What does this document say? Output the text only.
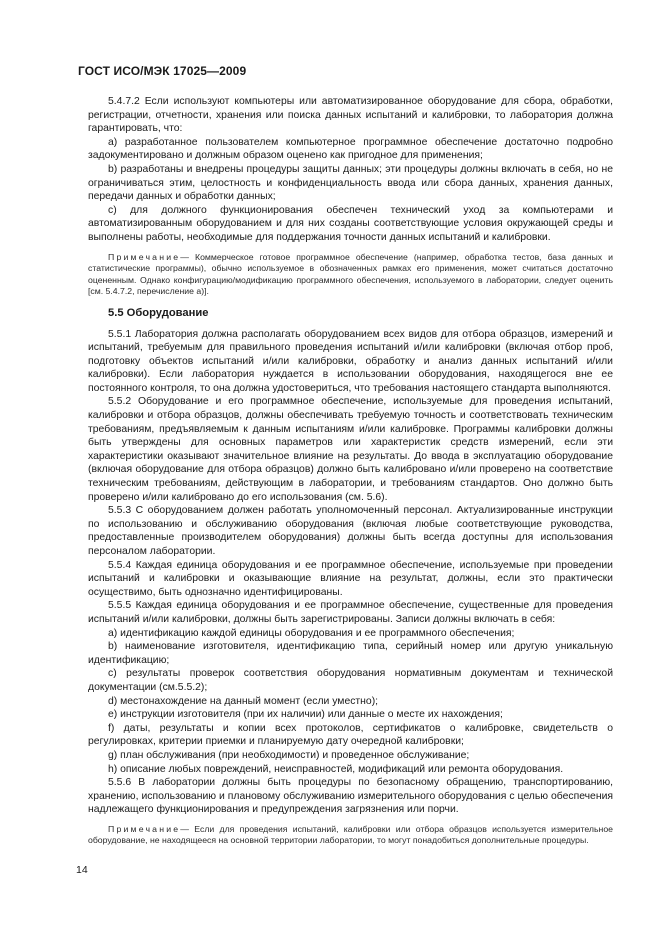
ГОСТ ИСО/МЭК 17025—2009

5.4.7.2 Если используют компьютеры или автоматизированное оборудование для сбора, обработки, регистрации, отчетности, хранения или поиска данных испытаний и калибровки, то лаборатория должна гарантировать, что:

a) разработанное пользователем компьютерное программное обеспечение достаточно подробно задокументировано и должным образом оценено как пригодное для применения;

b) разработаны и внедрены процедуры защиты данных; эти процедуры должны включать в себя, но не ограничиваться этим, целостность и конфиденциальность ввода или сбора данных, хранения данных, передачи данных и обработки данных;

c) для должного функционирования обеспечен технический уход за компьютерами и автоматизированным оборудованием и для них созданы соответствующие условия окружающей среды и выполнены работы, необходимые для поддержания точности данных испытаний и калибровки.

Примечание— Коммерческое готовое программное обеспечение (например, обработка тестов, база данных и статистические программы), обычно используемое в обозначенных рамках его применения, может считаться достаточно оцененным. Однако конфигурацию/модификацию программного обеспечения, используемого в лаборатории, следует оценить [см. 5.4.7.2, перечисление а)].

5.5 Оборудование

5.5.1 Лаборатория должна располагать оборудованием всех видов для отбора образцов, измерений и испытаний, требуемым для правильного проведения испытаний и/или калибровки (включая отбор проб, подготовку объектов испытаний и/или калибровки, обработку и анализ данных испытаний и/или калибровки). Если лаборатория нуждается в использовании оборудования, находящегося вне ее постоянного контроля, то она должна удостовериться, что требования настоящего стандарта выполняются.

5.5.2 Оборудование и его программное обеспечение, используемые для проведения испытаний, калибровки и отбора образцов, должны обеспечивать требуемую точность и соответствовать техническим требованиям, предъявляемым к данным испытаниям и/или калибровке. Программы калибровки должны быть утверждены для основных параметров или характеристик средств измерений, если эти характеристики оказывают значительное влияние на результаты. До ввода в эксплуатацию оборудование (включая оборудование для отбора образцов) должно быть калибровано и/или проверено на соответствие техническим требованиям, действующим в лаборатории, и требованиям стандартов. Оно должно быть проверено и/или калибровано до его использования (см. 5.6).

5.5.3 С оборудованием должен работать уполномоченный персонал. Актуализированные инструкции по использованию и обслуживанию оборудования (включая любые соответствующие руководства, предоставленные производителем оборудования) должны быть всегда доступны для использования персоналом лаборатории.

5.5.4 Каждая единица оборудования и ее программное обеспечение, используемые при проведении испытаний и калибровки и оказывающие влияние на результат, должны, если это практически осуществимо, быть однозначно идентифицированы.

5.5.5 Каждая единица оборудования и ее программное обеспечение, существенные для проведения испытаний и/или калибровки, должны быть зарегистрированы. Записи должны включать в себя:

a) идентификацию каждой единицы оборудования и ее программного обеспечения;

b) наименование изготовителя, идентификацию типа, серийный номер или другую уникальную идентификацию;

c) результаты проверок соответствия оборудования нормативным документам и технической документации (см.5.5.2);

d) местонахождение на данный момент (если уместно);

e) инструкции изготовителя (при их наличии) или данные о месте их нахождения;

f) даты, результаты и копии всех протоколов, сертификатов о калибровке, свидетельств о регулировках, критерии приемки и планируемую дату очередной калибровки;

g) план обслуживания (при необходимости) и проведенное обслуживание;

h) описание любых повреждений, неисправностей, модификаций или ремонта оборудования.

5.5.6 В лаборатории должны быть процедуры по безопасному обращению, транспортированию, хранению, использованию и плановому обслуживанию измерительного оборудования с целью обеспечения надлежащего функционирования и предупреждения загрязнения или порчи.

Примечание— Если для проведения испытаний, калибровки или отбора образцов используется измерительное оборудование, не находящееся на основной территории лаборатории, то могут понадобиться дополнительные процедуры.

14
